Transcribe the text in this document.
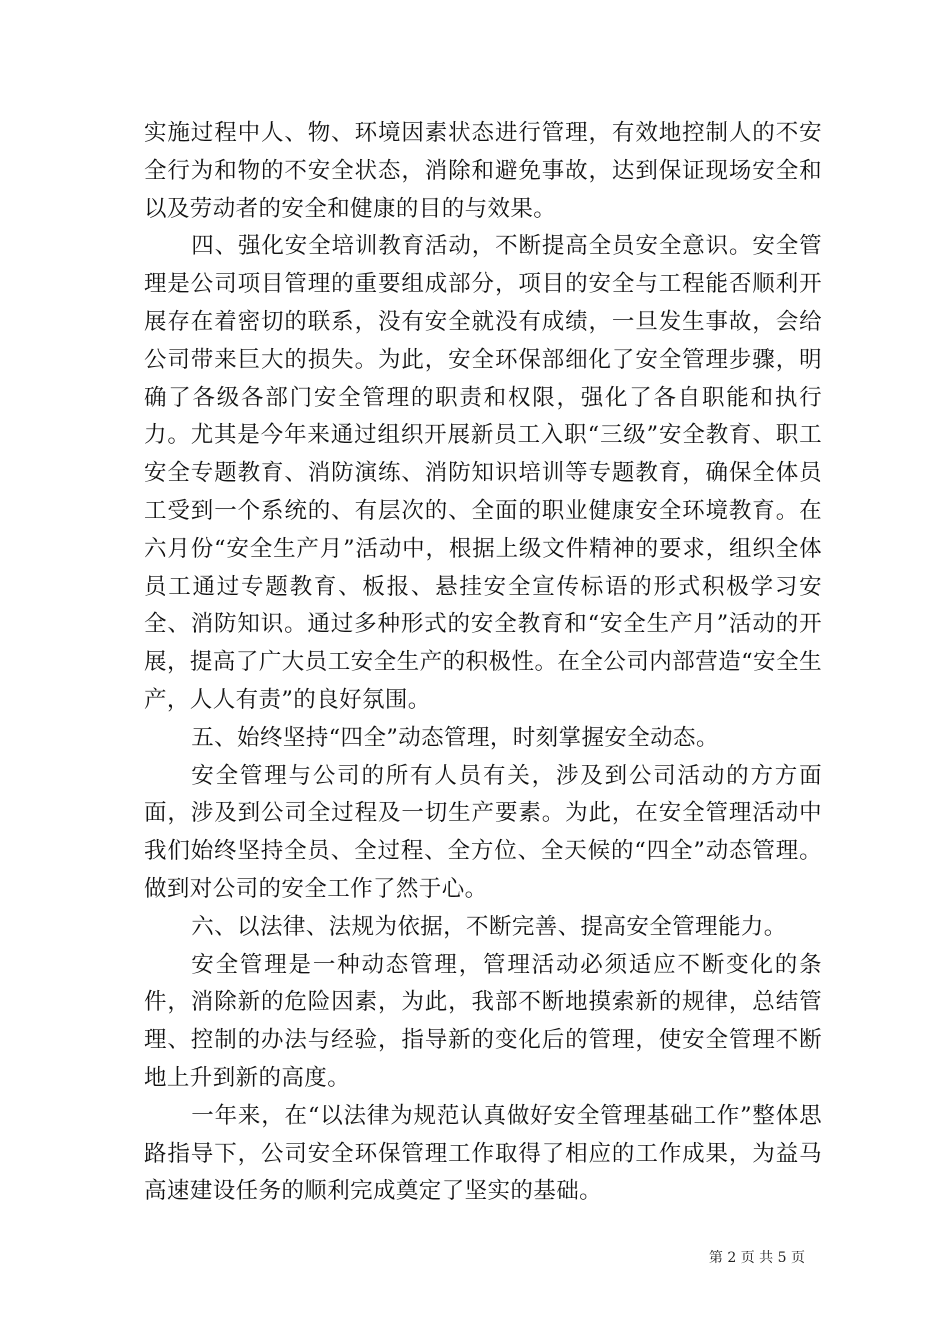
实施过程中人、物、环境因素状态进行管理，有效地控制人的不安全行为和物的不安全状态，消除和避免事故，达到保证现场安全和以及劳动者的安全和健康的目的与效果。

四、强化安全培训教育活动，不断提高全员安全意识。安全管理是公司项目管理的重要组成部分，项目的安全与工程能否顺利开展存在着密切的联系，没有安全就没有成绩，一旦发生事故，会给公司带来巨大的损失。为此，安全环保部细化了安全管理步骤，明确了各级各部门安全管理的职责和权限，强化了各自职能和执行力。尤其是今年来通过组织开展新员工入职“三级”安全教育、职工安全专题教育、消防演练、消防知识培训等专题教育，确保全体员工受到一个系统的、有层次的、全面的职业健康安全环境教育。在六月份“安全生产月”活动中，根据上级文件精神的要求，组织全体员工通过专题教育、板报、悬挂安全宣传标语的形式积极学习安全、消防知识。通过多种形式的安全教育和“安全生产月”活动的开展，提高了广大员工安全生产的积极性。在全公司内部营造“安全生产，人人有责”的良好氛围。

五、始终坚持“四全”动态管理，时刻掌握安全动态。

安全管理与公司的所有人员有关，涉及到公司活动的方方面面，涉及到公司全过程及一切生产要素。为此，在安全管理活动中我们始终坚持全员、全过程、全方位、全天候的“四全”动态管理。做到对公司的安全工作了然于心。

六、以法律、法规为依据，不断完善、提高安全管理能力。

安全管理是一种动态管理，管理活动必须适应不断变化的条件，消除新的危险因素，为此，我部不断地摸索新的规律，总结管理、控制的办法与经验，指导新的变化后的管理，使安全管理不断地上升到新的高度。

一年来，在“以法律为规范认真做好安全管理基础工作”整体思路指导下，公司安全环保管理工作取得了相应的工作成果，为益马高速建设任务的顺利完成奠定了坚实的基础。

第 2 页 共 5 页
